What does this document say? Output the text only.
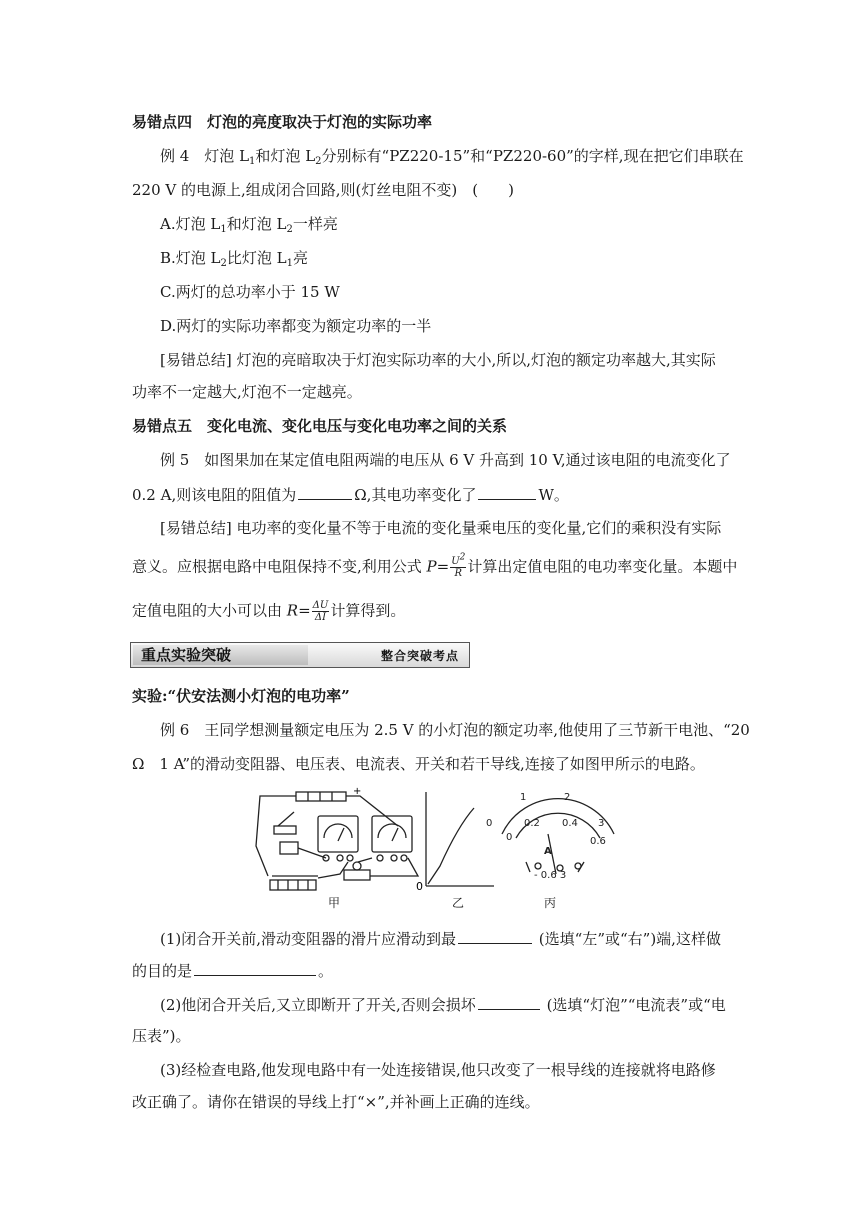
易错点四　灯泡的亮度取决于灯泡的实际功率
例 4　灯泡 $L_1$和灯泡 $L_2$分别标有“PZ220-15”和“PZ220-60”的字样,现在把它们串联在
220 V 的电源上,组成闭合回路,则(灯丝电阻不变)　(　　)
A.灯泡 $L_1$和灯泡 $L_2$一样亮
B.灯泡 $L_2$比灯泡 $L_1$亮
C.两灯的总功率小于 15 W
D.两灯的实际功率都变为额定功率的一半
[易错总结] 灯泡的亮暗取决于灯泡实际功率的大小,所以,灯泡的额定功率越大,其实际
功率不一定越大,灯泡不一定越亮。
易错点五　变化电流、变化电压与变化电功率之间的关系
例 5　如图果加在某定值电阻两端的电压从 6 V 升高到 10 V,通过该电阻的电流变化了
0.2 A,则该电阻的阻值为	Ω,其电功率变化了	W。
[易错总结] 电功率的变化量不等于电流的变化量乘电压的变化量,它们的乘积没有实际
意义。应根据电路中电阻保持不变,利用公式 $P= \frac{U^2}{R}$ 计算出定值电阻的电功率变化量。本题中
定值电阻的大小可以由 $R= \frac{\Delta U}{\Delta I}$ 计算得到。
重点实验突破	整合突破考点
实验:“伏安法测小灯泡的电功率”
例 6　王同学想测量额定电压为 2.5 V 的小灯泡的额定功率,他使用了三节新干电池、“20
Ω　1 A”的滑动变阻器、电压表、电流表、开关和若干导线,连接了如图甲所示的电路。
+
0
0
1	2
3
0
0.2 0.4
0.6
A
- 0.6 3
甲	乙	丙
(1)闭合开关前,滑动变阻器的滑片应滑动到最	(选填“左”或“右”)端,这样做
的目的是	。
(2)他闭合开关后,又立即断开了开关,否则会损坏	(选填“灯泡”“电流表”或“电
压表”)。
(3)经检查电路,他发现电路中有一处连接错误,他只改变了一根导线的连接就将电路修
改正确了。请你在错误的导线上打“×”,并补画上正确的连线。
